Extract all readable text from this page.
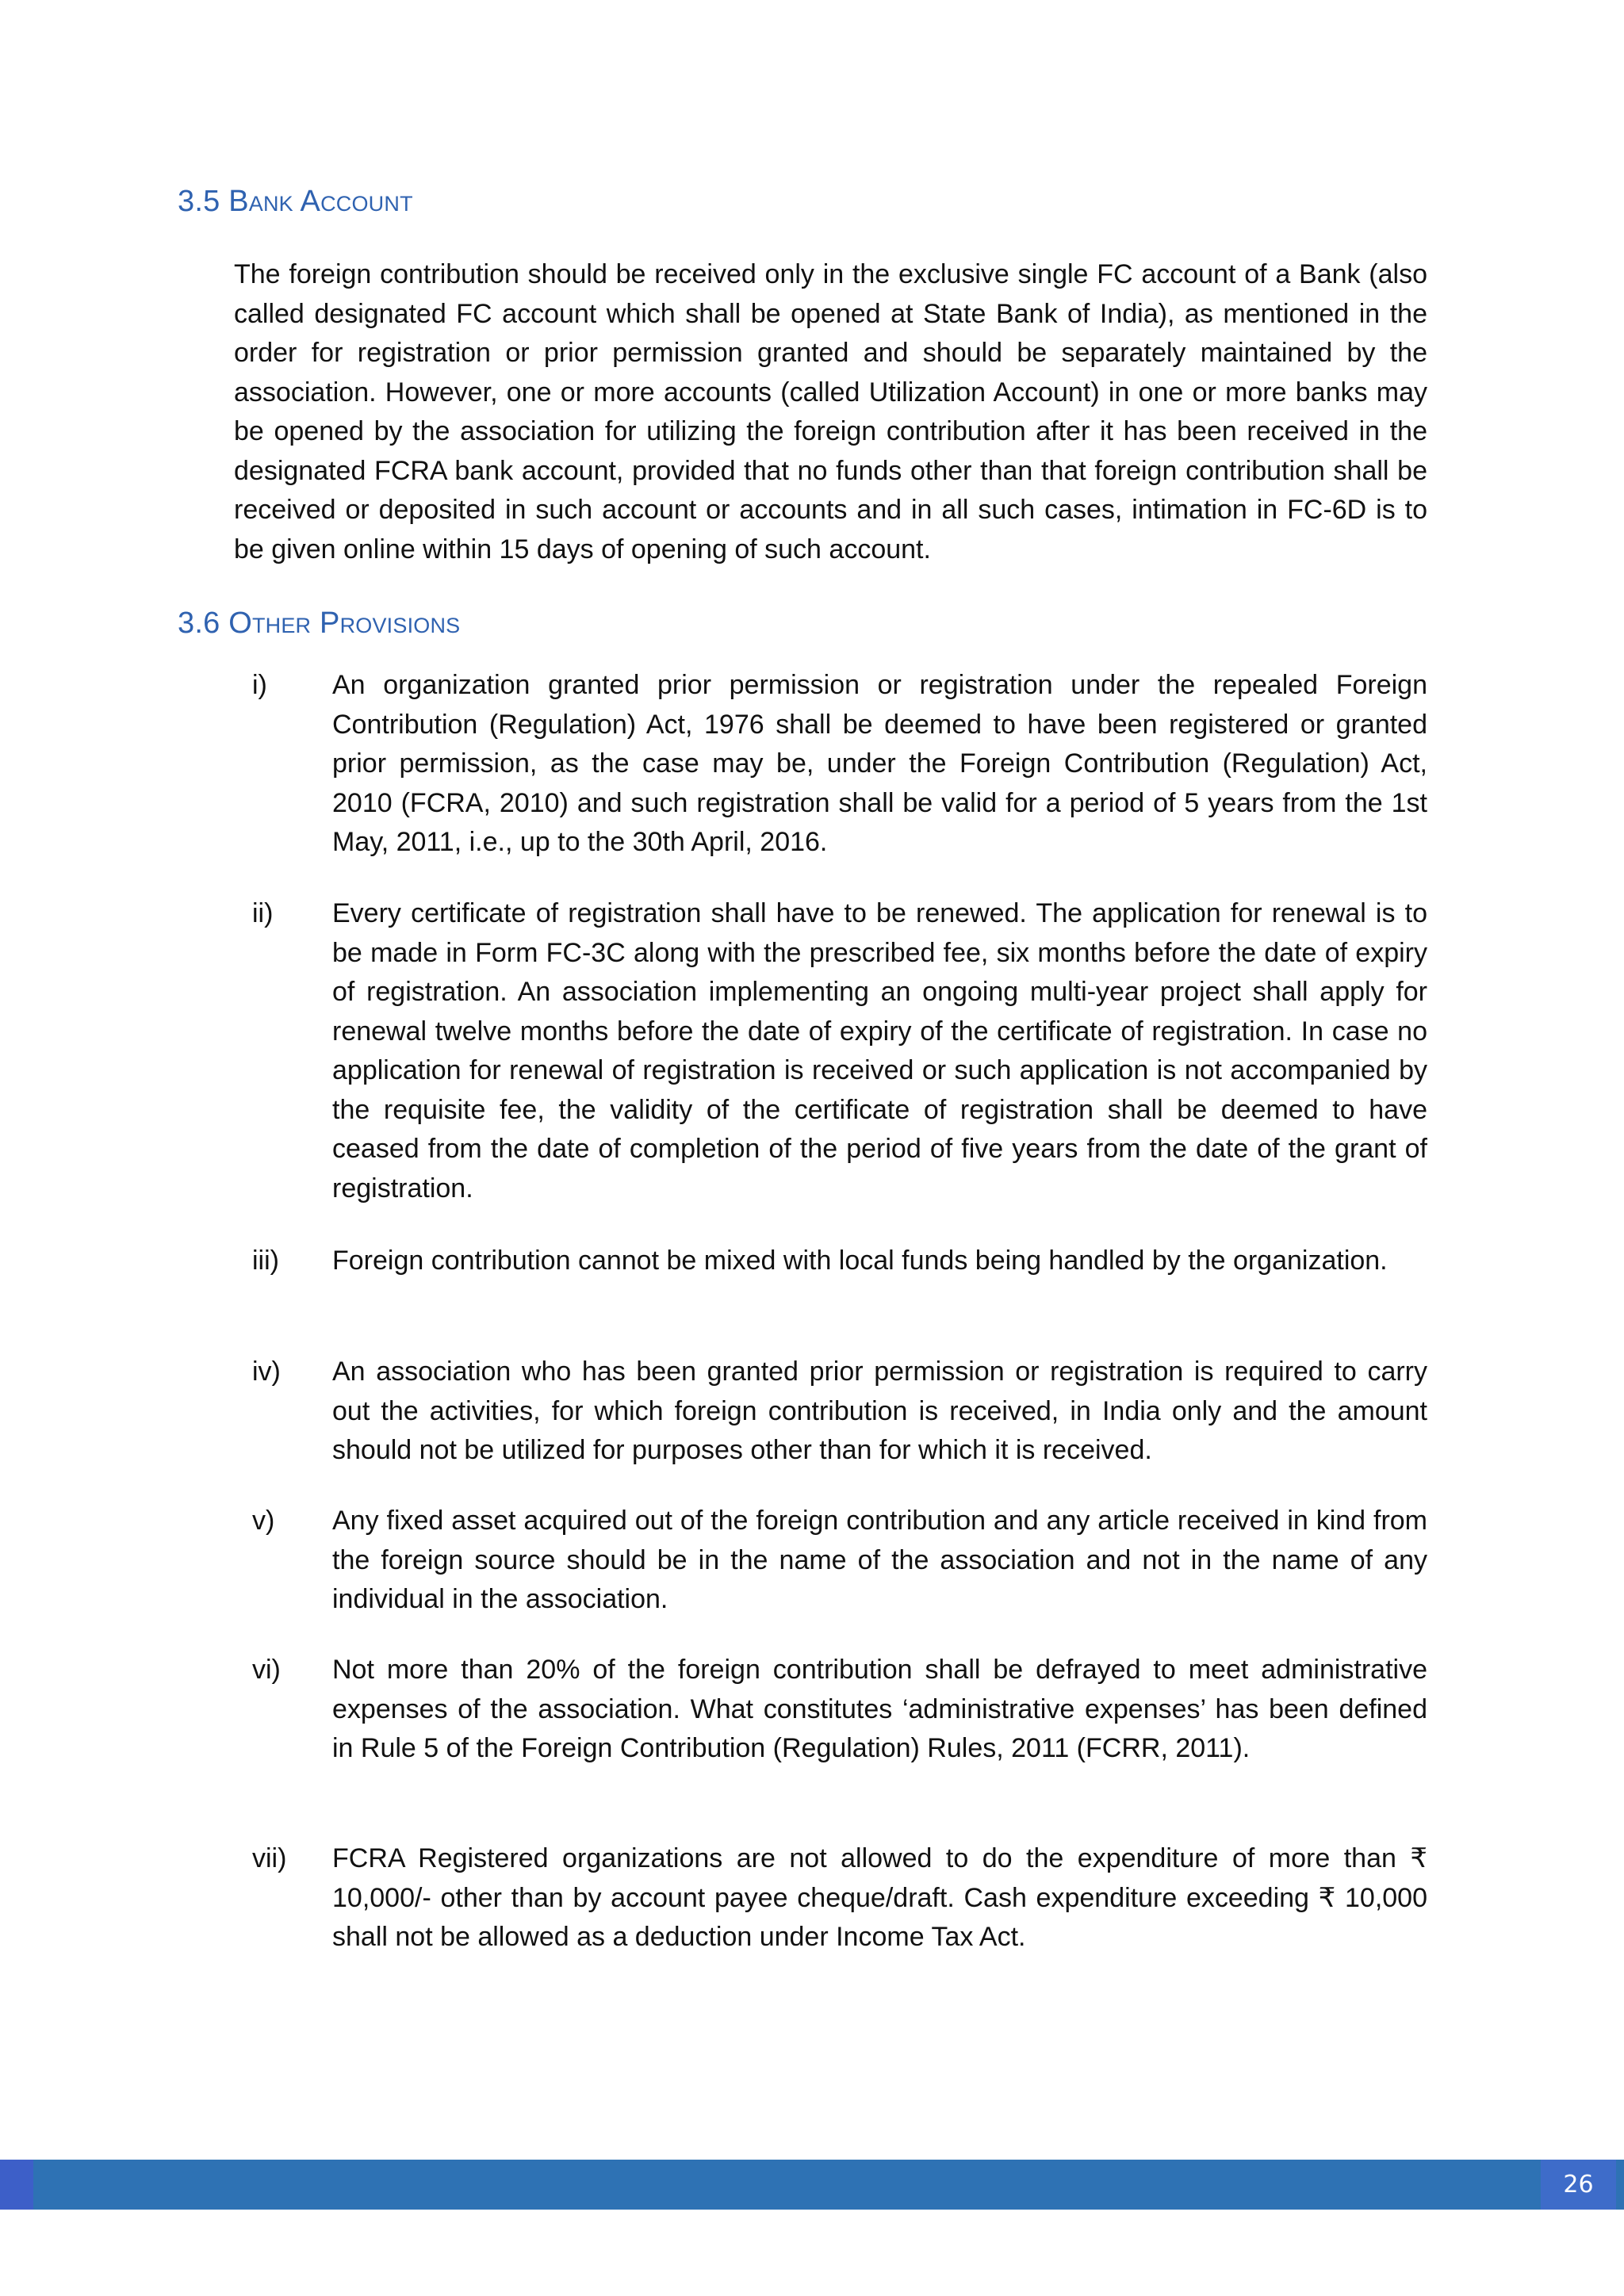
3.5 Bank Account

The foreign contribution should be received only in the exclusive single FC account of a Bank (also called designated FC account which shall be opened at State Bank of India), as mentioned in the order for registration or prior permission granted and should be separately maintained by the association. However, one or more accounts (called Utilization Account) in one or more banks may be opened by the association for utilizing the foreign contribution after it has been received in the designated FCRA bank account, provided that no funds other than that foreign contribution shall be received or deposited in such account or accounts and in all such cases, intimation in FC-6D is to be given online within 15 days of opening of such account.

3.6 Other Provisions
i) An organization granted prior permission or registration under the repealed Foreign Contribution (Regulation) Act, 1976 shall be deemed to have been registered or granted prior permission, as the case may be, under the Foreign Contribution (Regulation) Act, 2010 (FCRA, 2010) and such registration shall be valid for a period of 5 years from the 1st May, 2011, i.e., up to the 30th April, 2016.

ii) Every certificate of registration shall have to be renewed. The application for renewal is to be made in Form FC-3C along with the prescribed fee, six months before the date of expiry of registration. An association implementing an ongoing multi-year project shall apply for renewal twelve months before the date of expiry of the certificate of registration. In case no application for renewal of registration is received or such application is not accompanied by the requisite fee, the validity of the certificate of registration shall be deemed to have ceased from the date of completion of the period of five years from the date of the grant of registration.

iii) Foreign contribution cannot be mixed with local funds being handled by the organization.

iv) An association who has been granted prior permission or registration is required to carry out the activities, for which foreign contribution is received, in India only and the amount should not be utilized for purposes other than for which it is received.

v) Any fixed asset acquired out of the foreign contribution and any article received in kind from the foreign source should be in the name of the association and not in the name of any individual in the association.

vi) Not more than 20% of the foreign contribution shall be defrayed to meet administrative expenses of the association. What constitutes ‘administrative expenses’ has been defined in Rule 5 of the Foreign Contribution (Regulation) Rules, 2011 (FCRR, 2011).

vii) FCRA Registered organizations are not allowed to do the expenditure of more than ₹ 10,000/- other than by account payee cheque/draft. Cash expenditure exceeding ₹ 10,000 shall not be allowed as a deduction under Income Tax Act.

26
